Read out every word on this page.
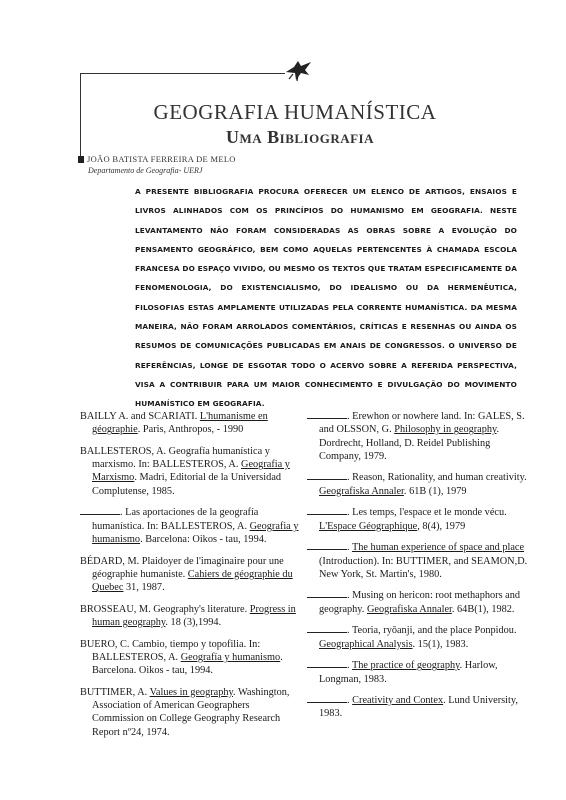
GEOGRAFIA HUMANÍSTICA
Uma Bibliografia
JOÃO BATISTA FERREIRA DE MELO
Departamento de Geografia- UERJ

A PRESENTE BIBLIOGRAFIA PROCURA OFERECER UM ELENCO DE ARTIGOS, ENSAIOS E LIVROS ALINHADOS COM OS PRINCÍPIOS DO HUMANISMO EM GEOGRAFIA. NESTE LEVANTAMENTO NÃO FORAM CONSIDERADAS AS OBRAS SOBRE A EVOLUÇÃO DO PENSAMENTO GEOGRÁFICO, BEM COMO AQUELAS PERTENCENTES À CHAMADA ESCOLA FRANCESA DO ESPAÇO VIVIDO, OU MESMO OS TEXTOS QUE TRATAM ESPECIFICAMENTE DA FENOMENOLOGIA, DO EXISTENCIALISMO, DO IDEALISMO OU DA HERMENÊUTICA, FILOSOFIAS ESTAS AMPLAMENTE UTILIZADAS PELA CORRENTE HUMANÍSTICA. DA MESMA MANEIRA, NÃO FORAM ARROLADOS COMENTÁRIOS, CRÍTICAS E RESENHAS OU AINDA OS RESUMOS DE COMUNICAÇÕES PUBLICADAS EM ANAIS DE CONGRESSOS. O UNIVERSO DE REFERÊNCIAS, LONGE DE ESGOTAR TODO O ACERVO SOBRE A REFERIDA PERSPECTIVA, VISA A CONTRIBUIR PARA UM MAIOR CONHECIMENTO E DIVULGAÇÃO DO MOVIMENTO HUMANÍSTICO EM GEOGRAFIA.

BAILLY A. and SCARIATI. L'humanisme en géographie. Paris, Anthropos, - 1990

BALLESTEROS, A. Geografía humanística y marxismo. In: BALLESTEROS, A. Geografia y Marxismo. Madri, Editorial de la Universidad Complutense, 1985.

. Las aportaciones de la geografía humanística. In: BALLESTEROS, A. Geografia y humanismo. Barcelona: Oikos - tau, 1994.

BÉDARD, M. Plaidoyer de l'imaginaire pour une géographie humaniste. Cahiers de géographie du Quebec 31, 1987.

BROSSEAU, M. Geography's literature. Progress in human geography. 18 (3),1994.

BUERO, C. Cambio, tiempo y topofilia. In: BALLESTEROS, A. Geografía y humanismo. Barcelona. Oikos - tau, 1994.

BUTTIMER, A. Values in geography. Washington, Association of American Geographers Commission on College Geography Research Report nº24, 1974.

. Erewhon or nowhere land. In: GALES, S. and OLSSON, G. Philosophy in geography. Dordrecht, Holland, D. Reidel Publishing Company, 1979.

. Reason, Rationality, and human creativity. Geografiska Annaler. 61B (1), 1979

. Les temps, l'espace et le monde vécu. L'Espace Géographique, 8(4), 1979

. The human experience of space and place (Introduction). In: BUTTIMER, and SEAMON,D. New York, St. Martin's, 1980.

. Musing on hericon: root methaphors and geography. Geografiska Annaler. 64B(1), 1982.

. Teoria, ryōanji, and the place Ponpidou. Geographical Analysis. 15(1), 1983.

. The practice of geography. Harlow, Longman, 1983.

. Creativity and Contex. Lund University, 1983.
